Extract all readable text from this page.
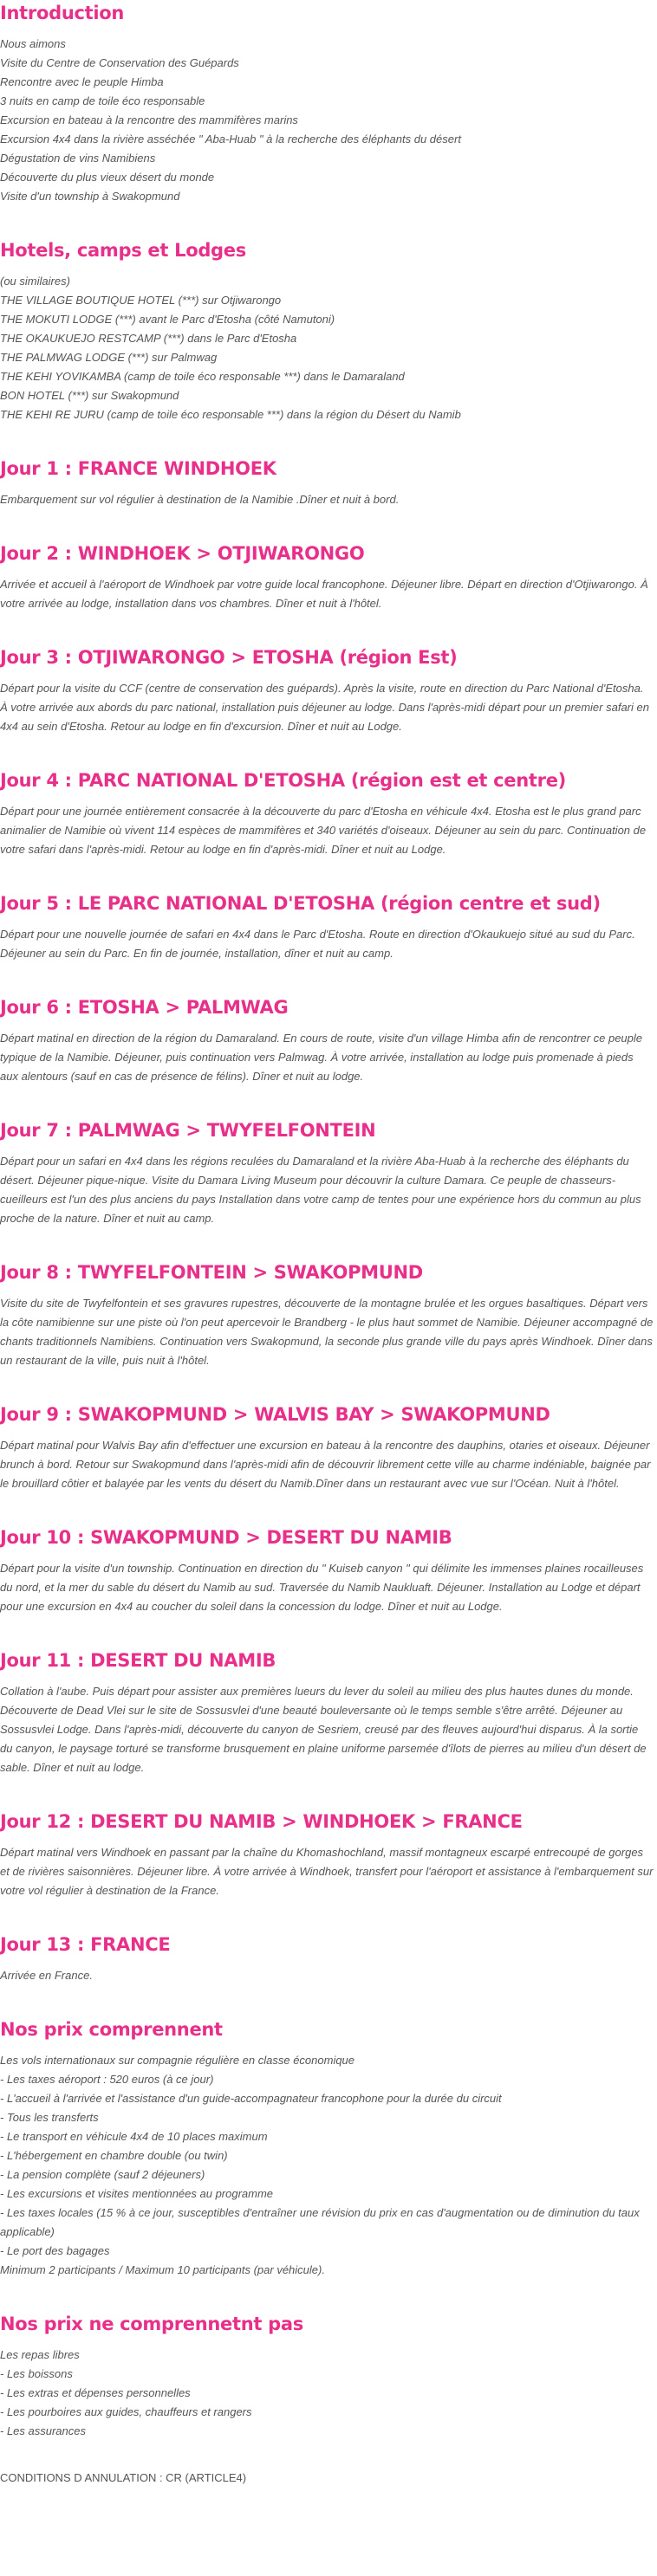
Introduction

Nous aimons

Visite du Centre de Conservation des Guépards

Rencontre avec le peuple Himba

3 nuits en camp de toile éco responsable

Excursion en bateau à la rencontre des mammifères marins

Excursion 4x4 dans la rivière asséchée " Aba-Huab " à la recherche des éléphants du désert

Dégustation de vins Namibiens

Découverte du plus vieux désert du monde

Visite d'un township à Swakopmund

Hotels, camps et Lodges

(ou similaires)

THE VILLAGE BOUTIQUE HOTEL (***) sur Otjiwarongo

THE MOKUTI LODGE (***) avant le Parc d'Etosha (côté Namutoni)

THE OKAUKUEJO RESTCAMP (***) dans le Parc d'Etosha

THE PALMWAG LODGE (***) sur Palmwag

THE KEHI YOVIKAMBA (camp de toile éco responsable ***) dans le Damaraland

BON HOTEL (***) sur Swakopmund

THE KEHI RE JURU (camp de toile éco responsable ***) dans la région du Désert du Namib

Jour 1 : FRANCE WINDHOEK

Embarquement sur vol régulier à destination de la Namibie .Dîner et nuit à bord.

Jour 2 : WINDHOEK > OTJIWARONGO

Arrivée et accueil à l'aéroport de Windhoek par votre guide local francophone. Déjeuner libre. Départ en direction d'Otjiwarongo. À votre arrivée au lodge, installation dans vos chambres. Dîner et nuit à l'hôtel.

Jour 3 : OTJIWARONGO > ETOSHA (région Est)

Départ pour la visite du CCF (centre de conservation des guépards). Après la visite, route en direction du Parc National d'Etosha. À votre arrivée aux abords du parc national, installation puis déjeuner au lodge. Dans l'après-midi départ pour un premier safari en 4x4 au sein d'Etosha. Retour au lodge en fin d'excursion. Dîner et nuit au Lodge.

Jour 4 : PARC NATIONAL D'ETOSHA (région est et centre)

Départ pour une journée entièrement consacrée à la découverte du parc d'Etosha en véhicule 4x4. Etosha est le plus grand parc animalier de Namibie où vivent 114 espèces de mammifères et 340 variétés d'oiseaux. Déjeuner au sein du parc. Continuation de votre safari dans l'après-midi. Retour au lodge en fin d'après-midi. Dîner et nuit au Lodge.

Jour 5 : LE PARC NATIONAL D'ETOSHA (région centre et sud)

Départ pour une nouvelle journée de safari en 4x4 dans le Parc d'Etosha. Route en direction d'Okaukuejo situé au sud du Parc. Déjeuner au sein du Parc. En fin de journée, installation, dîner et nuit au camp.

Jour 6 : ETOSHA > PALMWAG

Départ matinal en direction de la région du Damaraland. En cours de route, visite d'un village Himba afin de rencontrer ce peuple typique de la Namibie. Déjeuner, puis continuation vers Palmwag. À votre arrivée, installation au lodge puis promenade à pieds aux alentours (sauf en cas de présence de félins). Dîner et nuit au lodge.

Jour 7 : PALMWAG > TWYFELFONTEIN

Départ pour un safari en 4x4 dans les régions reculées du Damaraland et la rivière Aba-Huab à la recherche des éléphants du désert. Déjeuner pique-nique. Visite du Damara Living Museum pour découvrir la culture Damara. Ce peuple de chasseurs-cueilleurs est l'un des plus anciens du pays Installation dans votre camp de tentes pour une expérience hors du commun au plus proche de la nature. Dîner et nuit au camp.

Jour 8 : TWYFELFONTEIN > SWAKOPMUND

Visite du site de Twyfelfontein et ses gravures rupestres, découverte de la montagne brulée et les orgues basaltiques. Départ vers la côte namibienne sur une piste où l'on peut apercevoir le Brandberg - le plus haut sommet de Namibie. Déjeuner accompagné de chants traditionnels Namibiens. Continuation vers Swakopmund, la seconde plus grande ville du pays après Windhoek. Dîner dans un restaurant de la ville, puis nuit à l'hôtel.

Jour 9 : SWAKOPMUND > WALVIS BAY > SWAKOPMUND

Départ matinal pour Walvis Bay afin d'effectuer une excursion en bateau à la rencontre des dauphins, otaries et oiseaux. Déjeuner brunch à bord. Retour sur Swakopmund dans l'après-midi afin de découvrir librement cette ville au charme indéniable, baignée par le brouillard côtier et balayée par les vents du désert du Namib.Dîner dans un restaurant avec vue sur l'Océan. Nuit à l'hôtel.

Jour 10 : SWAKOPMUND > DESERT DU NAMIB

Départ pour la visite d'un township. Continuation en direction du " Kuiseb canyon " qui délimite les immenses plaines rocailleuses du nord, et la mer du sable du désert du Namib au sud. Traversée du Namib Naukluaft. Déjeuner. Installation au Lodge et départ pour une excursion en 4x4 au coucher du soleil dans la concession du lodge. Dîner et nuit au Lodge.

Jour 11 : DESERT DU NAMIB

Collation à l'aube. Puis départ pour assister aux premières lueurs du lever du soleil au milieu des plus hautes dunes du monde. Découverte de Dead Vlei sur le site de Sossusvlei d'une beauté bouleversante où le temps semble s'être arrêté. Déjeuner au Sossusvlei Lodge. Dans l'après-midi, découverte du canyon de Sesriem, creusé par des fleuves aujourd'hui disparus. À la sortie du canyon, le paysage torturé se transforme brusquement en plaine uniforme parsemée d'îlots de pierres au milieu d'un désert de sable. Dîner et nuit au lodge.

Jour 12 : DESERT DU NAMIB > WINDHOEK > FRANCE

Départ matinal vers Windhoek en passant par la chaîne du Khomashochland, massif montagneux escarpé entrecoupé de gorges et de rivières saisonnières. Déjeuner libre. À votre arrivée à Windhoek, transfert pour l'aéroport et assistance à l'embarquement sur votre vol régulier à destination de la France.

Jour 13 : FRANCE

Arrivée en France.

Nos prix comprennent

Les vols internationaux sur compagnie régulière en classe économique

- Les taxes aéroport : 520 euros (à ce jour)

- L'accueil à l'arrivée et l'assistance d'un guide-accompagnateur francophone pour la durée du circuit

- Tous les transferts

- Le transport en véhicule 4x4 de 10 places maximum

- L'hébergement en chambre double (ou twin)

- La pension complète (sauf 2 déjeuners)

- Les excursions et visites mentionnées au programme

- Les taxes locales (15 % à ce jour, susceptibles d'entraîner une révision du prix en cas d'augmentation ou de diminution du taux applicable)

- Le port des bagages

Minimum 2 participants / Maximum 10 participants (par véhicule).

Nos prix ne comprennetnt pas

Les repas libres

- Les boissons

- Les extras et dépenses personnelles

- Les pourboires aux guides, chauffeurs et rangers

- Les assurances

CONDITIONS D ANNULATION : CR (ARTICLE4)
